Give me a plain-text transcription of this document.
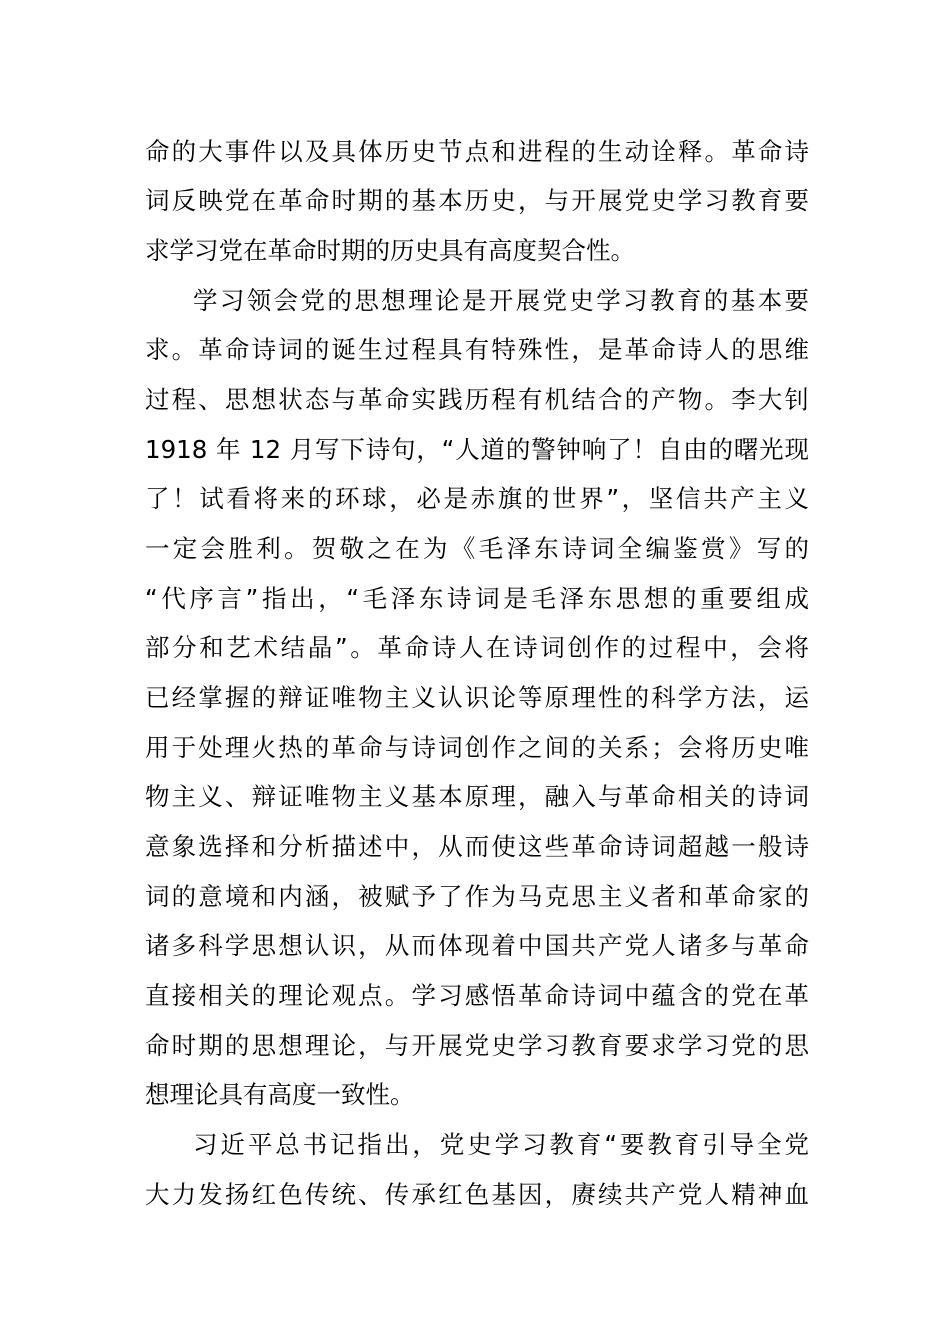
命的大事件以及具体历史节点和进程的生动诠释。革命诗
词反映党在革命时期的基本历史，与开展党史学习教育要
求学习党在革命时期的历史具有高度契合性。
学习领会党的思想理论是开展党史学习教育的基本要
求。革命诗词的诞生过程具有特殊性，是革命诗人的思维
过程、思想状态与革命实践历程有机结合的产物。李大钊
1918 年 12 月写下诗句，“人道的警钟响了！自由的曙光现
了！试看将来的环球，必是赤旗的世界”，坚信共产主义
一定会胜利。贺敬之在为《毛泽东诗词全编鉴赏》写的
“代序言”指出，“毛泽东诗词是毛泽东思想的重要组成
部分和艺术结晶”。革命诗人在诗词创作的过程中，会将
已经掌握的辩证唯物主义认识论等原理性的科学方法，运
用于处理火热的革命与诗词创作之间的关系；会将历史唯
物主义、辩证唯物主义基本原理，融入与革命相关的诗词
意象选择和分析描述中，从而使这些革命诗词超越一般诗
词的意境和内涵，被赋予了作为马克思主义者和革命家的
诸多科学思想认识，从而体现着中国共产党人诸多与革命
直接相关的理论观点。学习感悟革命诗词中蕴含的党在革
命时期的思想理论，与开展党史学习教育要求学习党的思
想理论具有高度一致性。
习近平总书记指出，党史学习教育“要教育引导全党
大力发扬红色传统、传承红色基因，赓续共产党人精神血
